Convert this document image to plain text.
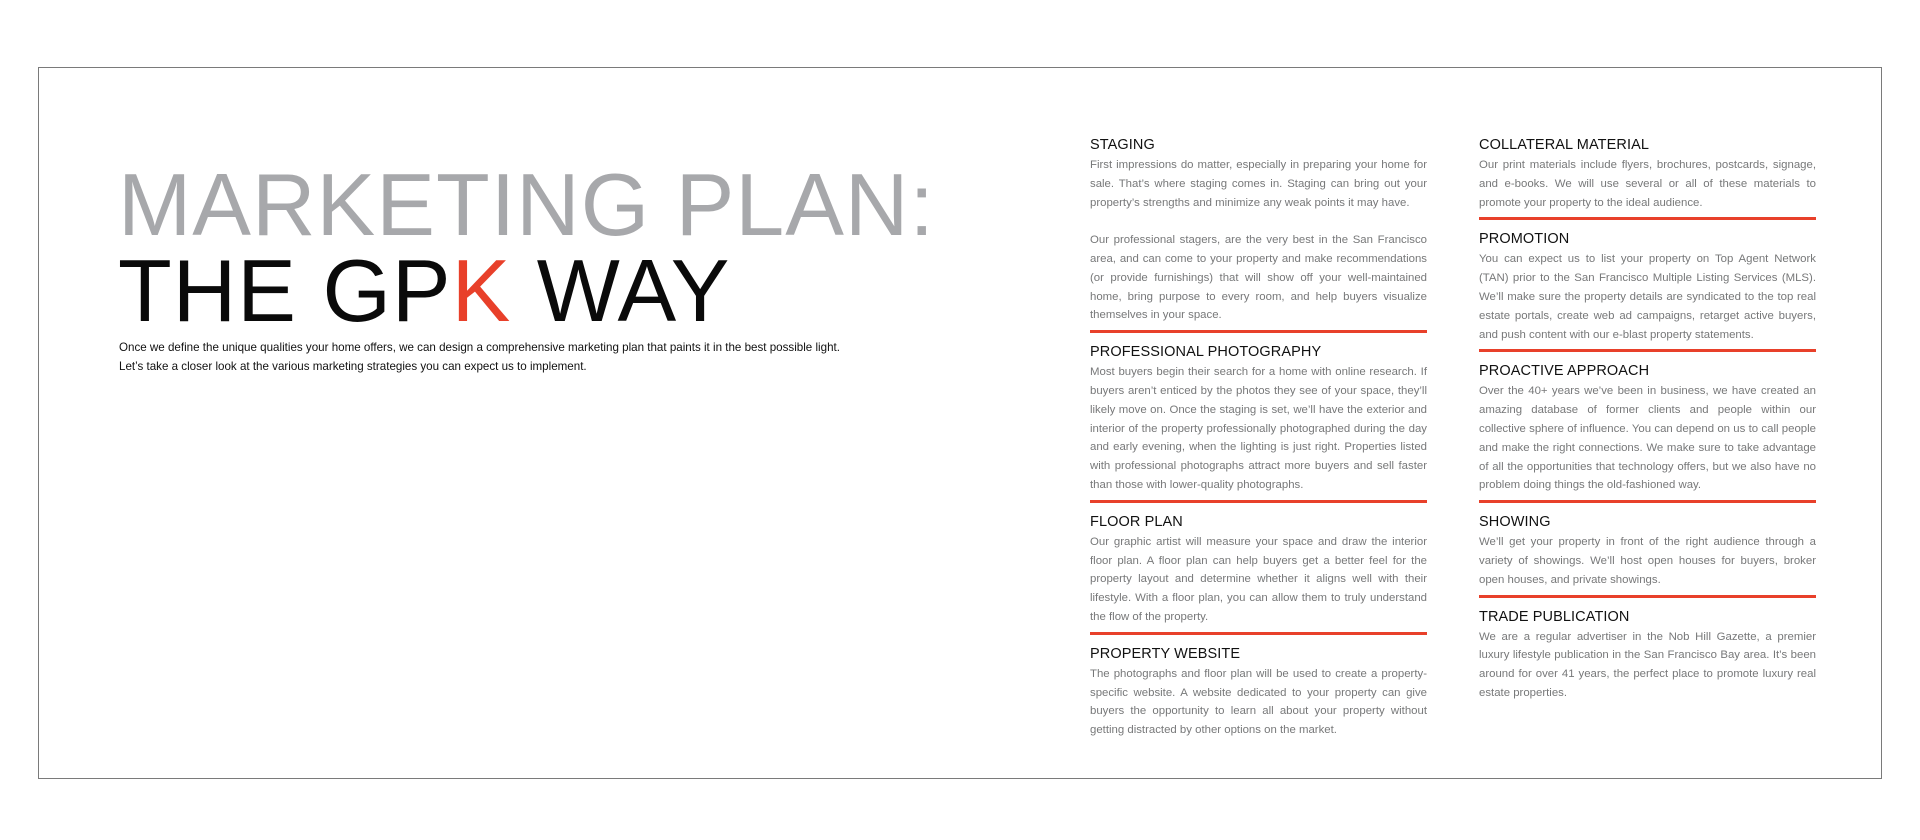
MARKETING PLAN:
THE GPK WAY

Once we define the unique qualities your home offers, we can design a comprehensive marketing plan that paints it in the best possible light.

Let’s take a closer look at the various marketing strategies you can expect us to implement.

STAGING

First impressions do matter, especially in preparing your home for sale. That’s where staging comes in. Staging can bring out your property’s strengths and minimize any weak points it may have.

Our professional stagers, are the very best in the San Francisco area, and can come to your property and make recommendations (or provide furnishings) that will show off your well-maintained home, bring purpose to every room, and help buyers visualize themselves in your space.

PROFESSIONAL PHOTOGRAPHY

Most buyers begin their search for a home with online research. If buyers aren’t enticed by the photos they see of your space, they’ll likely move on. Once the staging is set, we’ll have the exterior and interior of the property professionally photographed during the day and early evening, when the lighting is just right. Properties listed with professional photographs attract more buyers and sell faster than those with lower-quality photographs.

FLOOR PLAN

Our graphic artist will measure your space and draw the interior floor plan. A floor plan can help buyers get a better feel for the property layout and determine whether it aligns well with their lifestyle. With a floor plan, you can allow them to truly understand the flow of the property.

PROPERTY WEBSITE

The photographs and floor plan will be used to create a property-specific website. A website dedicated to your property can give buyers the opportunity to learn all about your property without getting distracted by other options on the market.

COLLATERAL MATERIAL

Our print materials include flyers, brochures, postcards, signage, and e-books. We will use several or all of these materials to promote your property to the ideal audience.

PROMOTION

You can expect us to list your property on Top Agent Network (TAN) prior to the San Francisco Multiple Listing Services (MLS). We’ll make sure the property details are syndicated to the top real estate portals, create web ad campaigns, retarget active buyers, and push content with our e-blast property statements.

PROACTIVE APPROACH

Over the 40+ years we’ve been in business, we have created an amazing database of former clients and people within our collective sphere of influence. You can depend on us to call people and make the right connections. We make sure to take advantage of all the opportunities that technology offers, but we also have no problem doing things the old-fashioned way.

SHOWING

We’ll get your property in front of the right audience through a variety of showings. We’ll host open houses for buyers, broker open houses, and private showings.

TRADE PUBLICATION

We are a regular advertiser in the Nob Hill Gazette, a premier luxury lifestyle publication in the San Francisco Bay area. It’s been around for over 41 years, the perfect place to promote luxury real estate properties.
